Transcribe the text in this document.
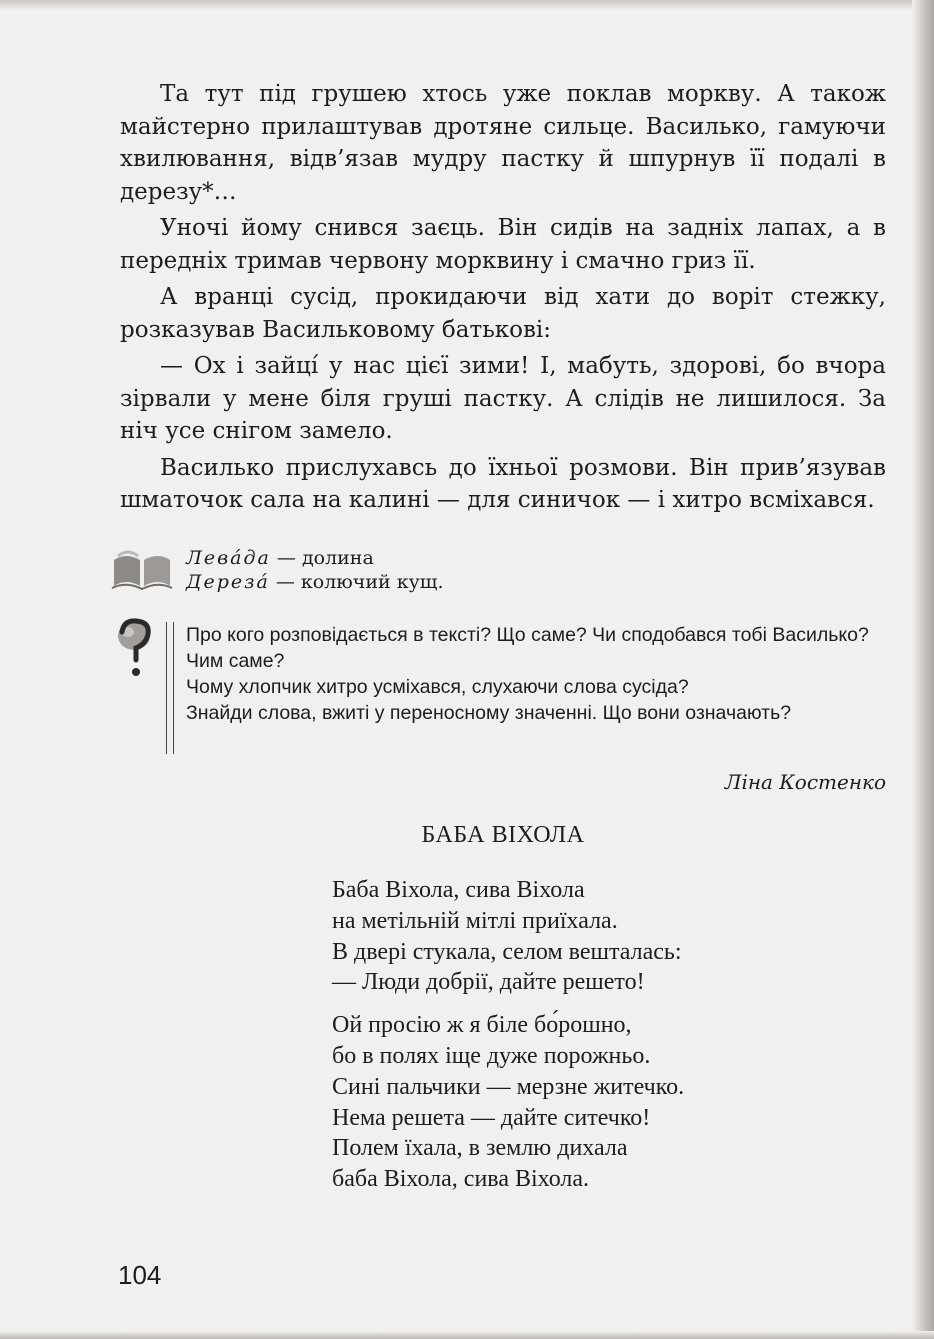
Та тут під грушею хтось уже поклав моркву. А також майстерно прилаштував дротяне сильце. Василько, гамуючи хвилювання, відв’язав мудру пастку й шпурнув її подалі в дерезу*…

Уночі йому снився заєць. Він сидів на задніх лапах, а в передніх тримав червону морквину і смачно гриз її.

А вранці сусід, прокидаючи від хати до воріт стежку, розказував Васильковому батькові:

— Ох і зайці́ у нас цієї зими! І, мабуть, здорові, бо вчора зірвали у мене біля груші пастку. А слідів не лишилося. За ніч усе снігом замело.

Василько прислухавсь до їхньої розмови. Він прив’язував шматочок сала на калині — для синичок — і хитро всміхався.

Лева́да — долина
Дереза́ — колючий кущ.

Про кого розповідається в тексті? Що саме? Чи сподобався тобі Василько? Чим саме?

Чому хлопчик хитро усміхався, слухаючи слова сусіда?

Знайди слова, вжиті у переносному значенні. Що вони означають?

Ліна Костенко
БАБА ВІХОЛА
Баба Віхола, сива Віхола
на метільній мітлі приїхала.
В двері стукала, селом вешталась:
— Люди добрії, дайте решето!
Ой просію ж я біле бо́рошно,
бо в полях іще дуже порожньо.
Сині пальчики — мерзне житечко.
Нема решета — дайте ситечко!
Полем їхала, в землю дихала
баба Віхола, сива Віхола.
104
